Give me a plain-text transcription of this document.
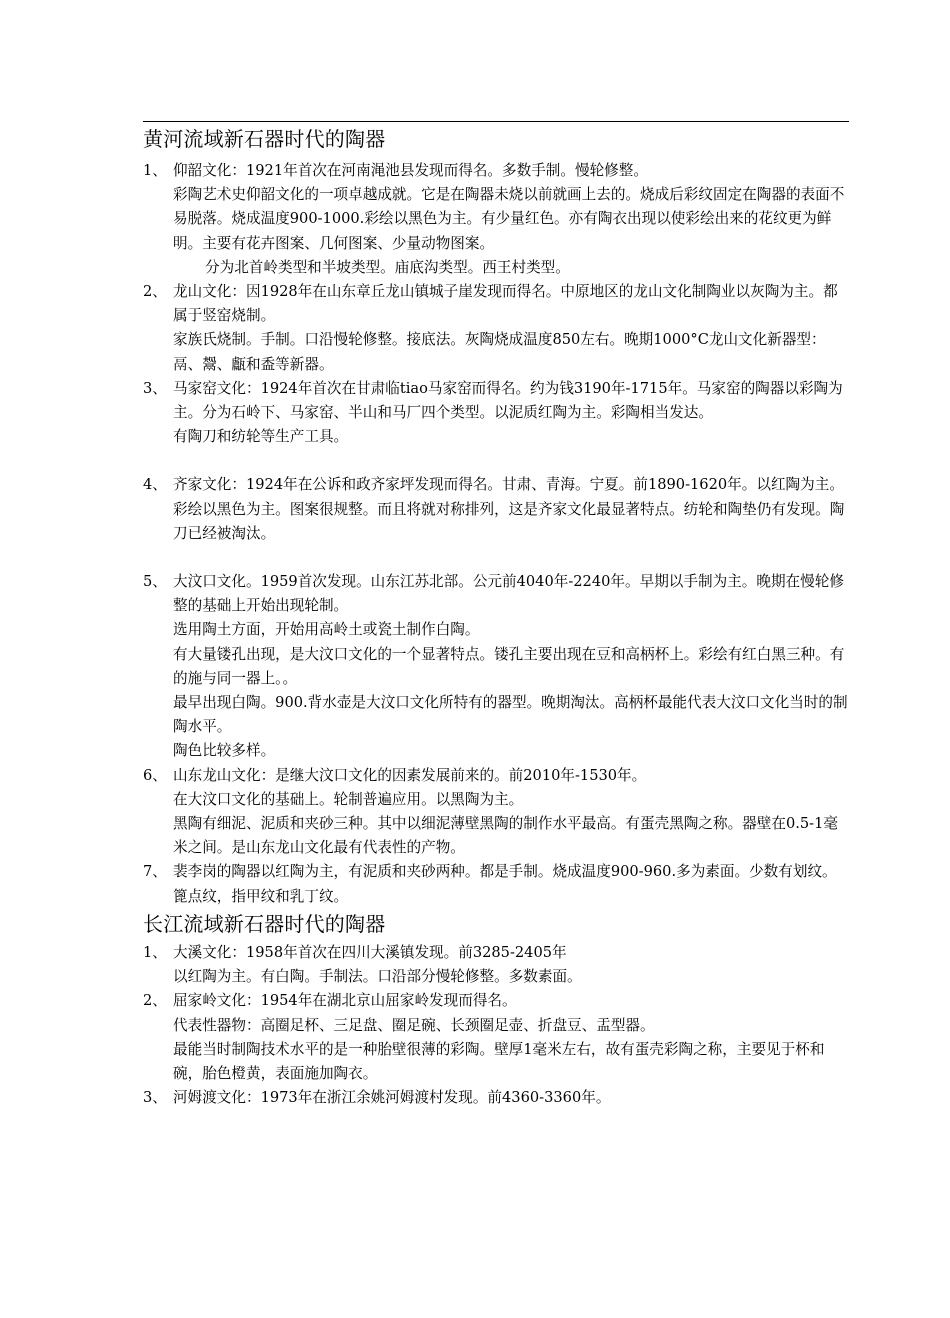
黄河流域新石器时代的陶器
1、 仰韶文化：1921年首次在河南渑池县发现而得名。多数手制。慢轮修整。

彩陶艺术史仰韶文化的一项卓越成就。它是在陶器未烧以前就画上去的。烧成后彩纹固定在陶器的表面不易脱落。烧成温度900-1000.彩绘以黑色为主。有少量红色。亦有陶衣出现以使彩绘出来的花纹更为鲜明。主要有花卉图案、几何图案、少量动物图案。

分为北首岭类型和半坡类型。庙底沟类型。西王村类型。

2、 龙山文化：因1928年在山东章丘龙山镇城子崖发现而得名。中原地区的龙山文化制陶业以灰陶为主。都属于竖窑烧制。

家族氏烧制。手制。口沿慢轮修整。接底法。灰陶烧成温度850左右。晚期1000°C龙山文化新器型：鬲、鬶、甗和盉等新器。

3、 马家窑文化：1924年首次在甘肃临tiao马家窑而得名。约为钱3190年-1715年。马家窑的陶器以彩陶为主。分为石岭下、马家窑、半山和马厂四个类型。以泥质红陶为主。彩陶相当发达。

有陶刀和纺轮等生产工具。

4、 齐家文化：1924年在公诉和政齐家坪发现而得名。甘肃、青海。宁夏。前1890-1620年。以红陶为主。

彩绘以黑色为主。图案很规整。而且将就对称排列，这是齐家文化最显著特点。纺轮和陶垫仍有发现。陶刀已经被淘汰。

5、 大汶口文化。1959首次发现。山东江苏北部。公元前4040年-2240年。早期以手制为主。晚期在慢轮修整的基础上开始出现轮制。

选用陶土方面，开始用高岭土或瓷土制作白陶。

有大量镂孔出现，是大汶口文化的一个显著特点。镂孔主要出现在豆和高柄杯上。彩绘有红白黑三种。有的施与同一器上。。

最早出现白陶。900.背水壶是大汶口文化所特有的器型。晚期淘汰。高柄杯最能代表大汶口文化当时的制陶水平。

陶色比较多样。

6、 山东龙山文化：是继大汶口文化的因素发展前来的。前2010年-1530年。

在大汶口文化的基础上。轮制普遍应用。以黑陶为主。

黑陶有细泥、泥质和夹砂三种。其中以细泥薄壁黑陶的制作水平最高。有蛋壳黑陶之称。器壁在0.5-1毫米之间。是山东龙山文化最有代表性的产物。

7、 裴李岗的陶器以红陶为主，有泥质和夹砂两种。都是手制。烧成温度900-960.多为素面。少数有划纹。篦点纹，指甲纹和乳丁纹。

长江流域新石器时代的陶器
1、 大溪文化：1958年首次在四川大溪镇发现。前3285-2405年

以红陶为主。有白陶。手制法。口沿部分慢轮修整。多数素面。

2、 屈家岭文化：1954年在湖北京山屈家岭发现而得名。

代表性器物：高圈足杯、三足盘、圈足碗、长颈圈足壶、折盘豆、盂型器。

最能当时制陶技术水平的是一种胎壁很薄的彩陶。壁厚1毫米左右，故有蛋壳彩陶之称，主要见于杯和碗，胎色橙黄，表面施加陶衣。

3、 河姆渡文化：1973年在浙江余姚河姆渡村发现。前4360-3360年。
